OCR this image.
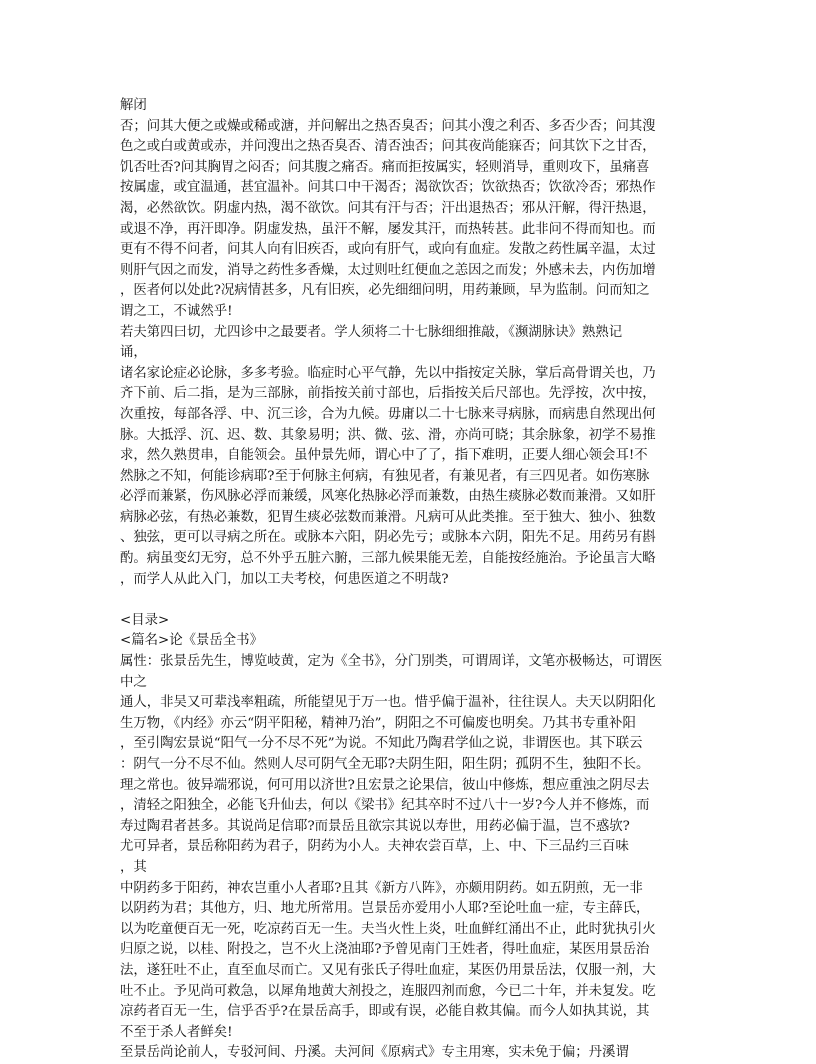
解闭
否；问其大便之或燥或稀或溏，并问解出之热否臭否；问其小溲之利否、多否少否；问其溲
色之或白或黄或赤，并问溲出之热否臭否、清否浊否；问其夜尚能寐否；问其饮下之甘否，
饥否吐否?问其胸胃之闷否；问其腹之痛否。痛而拒按属实，轻则消导，重则攻下，虽痛喜
按属虚，或宜温通，甚宜温补。问其口中干渴否；渴欲饮否；饮欲热否；饮欲冷否；邪热作
渴，必然欲饮。阴虚内热，渴不欲饮。问其有汗与否；汗出退热否；邪从汗解，得汗热退，
或退不净，再汗即净。阴虚发热，虽汗不解，屡发其汗，而热转甚。此非问不得而知也。而
更有不得不问者，问其人向有旧疾否，或向有肝气，或向有血症。发散之药性属辛温，太过
则肝气因之而发，消导之药性多香燥，太过则吐红便血之恙因之而发；外感未去，内伤加增
，医者何以处此?况病情甚多，凡有旧疾，必先细细问明，用药兼顾，早为监制。问而知之
谓之工，不诚然乎!
若夫第四曰切，尤四诊中之最要者。学人须将二十七脉细细推敲，《濒湖脉诀》熟熟记
诵，
诸名家论症必论脉，多多考验。临症时心平气静，先以中指按定关脉，掌后高骨谓关也，乃
齐下前、后二指，是为三部脉，前指按关前寸部也，后指按关后尺部也。先浮按，次中按，
次重按，每部各浮、中、沉三诊，合为九候。毋庸以二十七脉来寻病脉，而病患自然现出何
脉。大抵浮、沉、迟、数、其象易明；洪、微、弦、滑，亦尚可晓；其余脉象，初学不易推
求，然久熟贯串，自能领会。虽仲景先师，谓心中了了，指下难明，正要人细心领会耳!不
然脉之不知，何能诊病耶?至于何脉主何病，有独见者，有兼见者，有三四见者。如伤寒脉
必浮而兼紧，伤风脉必浮而兼缓，风寒化热脉必浮而兼数，由热生痰脉必数而兼滑。又如肝
病脉必弦，有热必兼数，犯胃生痰必弦数而兼滑。凡病可从此类推。至于独大、独小、独数
、独弦，更可以寻病之所在。或脉本六阳，阴必先亏；或脉本六阴，阳先不足。用药另有斟
酌。病虽变幻无穷，总不外乎五脏六腑，三部九候果能无差，自能按经施治。予论虽言大略
，而学人从此入门，加以工夫考校，何患医道之不明哉?
<目录>
<篇名>论《景岳全书》
属性：张景岳先生，博览岐黄，定为《全书》，分门别类，可谓周详，文笔亦极畅达，可谓医
中之
通人，非吴又可辈浅率粗疏，所能望见于万一也。惜乎偏于温补，往往误人。夫天以阴阳化
生万物，《内经》亦云“阴平阳秘，精神乃治”，阴阳之不可偏废也明矣。乃其书专重补阳
，至引陶宏景说“阳气一分不尽不死”为说。不知此乃陶君学仙之说，非谓医也。其下联云
：阴气一分不尽不仙。然则人尽可阴气全无耶?夫阴生阳，阳生阴；孤阴不生，独阳不长。
理之常也。彼异端邪说，何可用以济世?且宏景之论果信，彼山中修炼，想应重浊之阴尽去
，清轻之阳独全，必能飞升仙去，何以《梁书》纪其卒时不过八十一岁?今人并不修炼，而
寿过陶君者甚多。其说尚足信耶?而景岳且欲宗其说以寿世，用药必偏于温，岂不惑欤?
尤可异者，景岳称阳药为君子，阴药为小人。夫神农尝百草，上、中、下三品约三百味
，其
中阴药多于阳药，神农岂重小人者耶?且其《新方八阵》，亦颇用阴药。如五阴煎，无一非
以阴药为君；其他方，归、地尤所常用。岂景岳亦爱用小人耶?至论吐血一症，专主薛氏，
以为吃童便百无一死，吃凉药百无一生。夫当火性上炎，吐血鲜红涌出不止，此时犹执引火
归原之说，以桂、附投之，岂不火上浇油耶?予曾见南门王姓者，得吐血症，某医用景岳治
法，遂狂吐不止，直至血尽而亡。又见有张氏子得吐血症，某医仍用景岳法，仅服一剂，大
吐不止。予见尚可救急，以犀角地黄大剂投之，连服四剂而愈，今已二十年，并未复发。吃
凉药者百无一生，信乎否乎?在景岳高手，即或有误，必能自救其偏。而今人如执其说，其
不至于杀人者鲜矣!
至景岳尚论前人，专驳河间、丹溪。夫河间《原病式》专主用寒，实未免于偏；丹溪谓
